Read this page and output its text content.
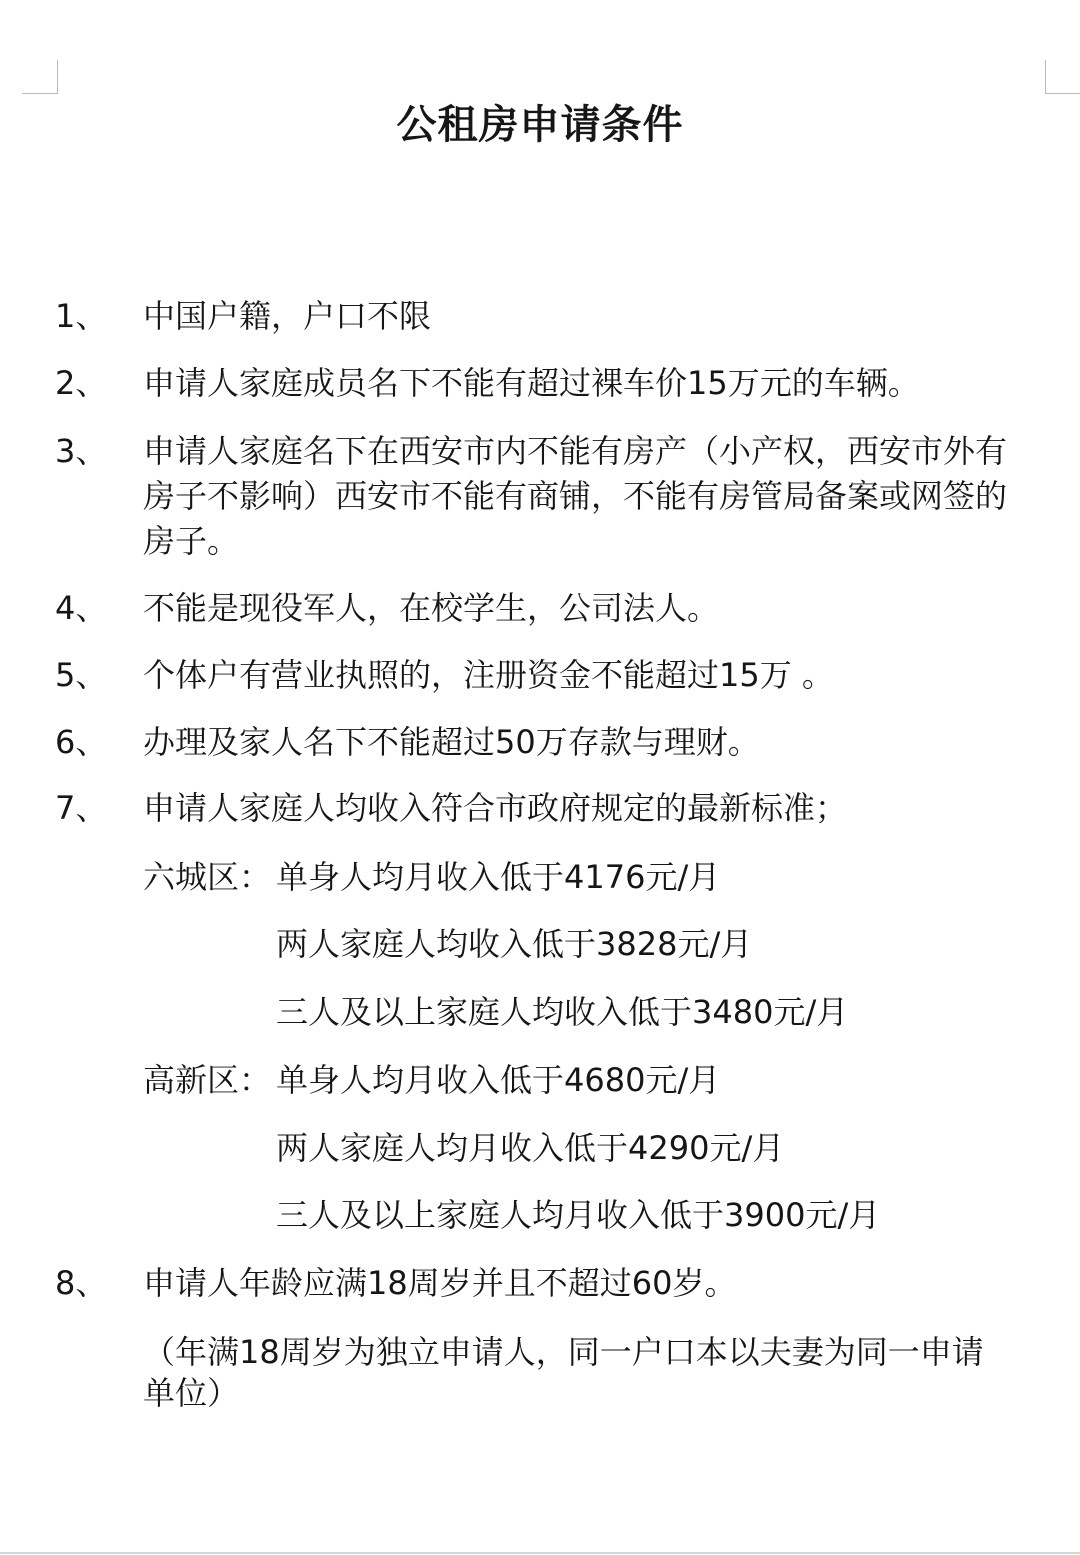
公租房申请条件
1、 中国户籍，户口不限
2、 申请人家庭成员名下不能有超过裸车价15万元的车辆。
3、 申请人家庭名下在西安市内不能有房产（小产权，西安市外有
房子不影响）西安市不能有商铺，不能有房管局备案或网签的
房子。
4、 不能是现役军人，在校学生，公司法人。
5、 个体户有营业执照的，注册资金不能超过15万 。
6、 办理及家人名下不能超过50万存款与理财。
7、 申请人家庭人均收入符合市政府规定的最新标准；
六城区： 单身人均月收入低于4176元/月
两人家庭人均收入低于3828元/月
三人及以上家庭人均收入低于3480元/月
高新区： 单身人均月收入低于4680元/月
两人家庭人均月收入低于4290元/月
三人及以上家庭人均月收入低于3900元/月
8、 申请人年龄应满18周岁并且不超过60岁。
（年满18周岁为独立申请人，同一户口本以夫妻为同一申请
单位）
